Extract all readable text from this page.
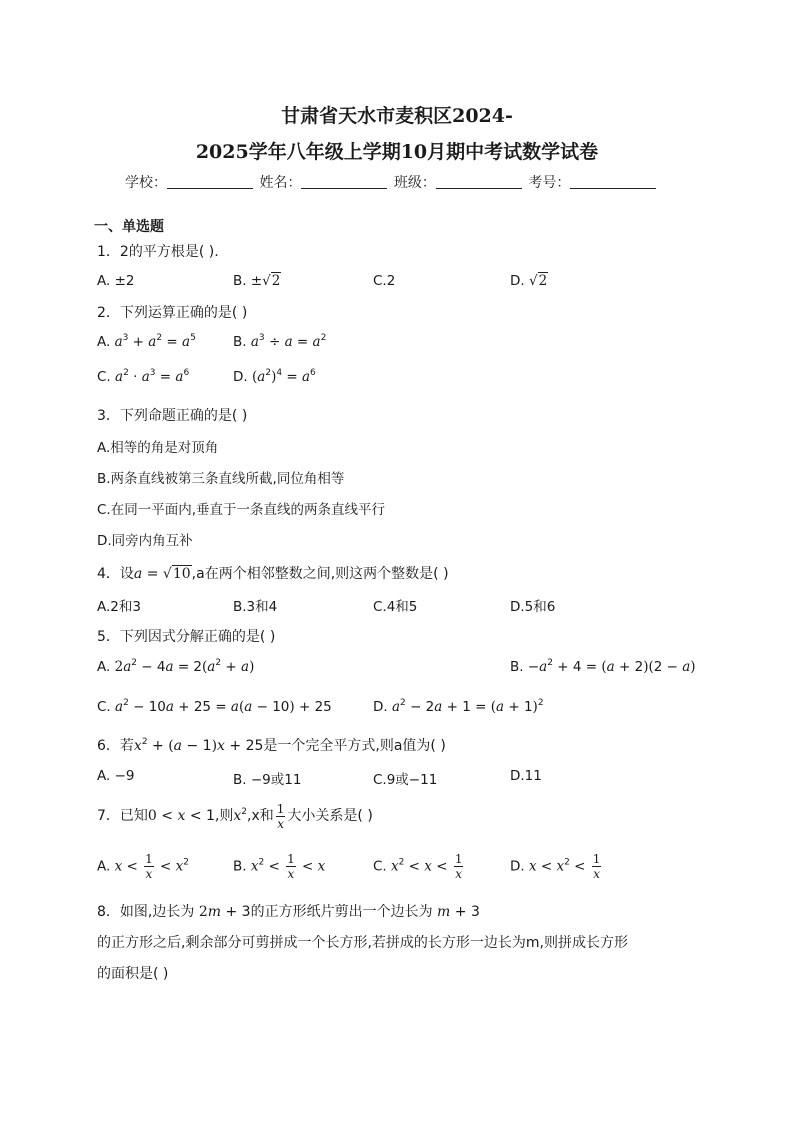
甘肃省天水市麦积区2024-
2025学年八年级上学期10月期中考试数学试卷
学校：	姓名：	班级：	考号：
一、单选题
1．2的平方根是( ).
A. ±2	B. ±√2	C.2	D. √2
2．下列运算正确的是( )
A. $a^3 + a^2 = a^5$	B. $a^3 \div a = a^2$
C. $a^2 \cdot a^3 = a^6$	D. $(a^2)^4 = a^6$
3．下列命题正确的是( )
A.相等的角是对顶角
B.两条直线被第三条直线所截,同位角相等
C.在同一平面内,垂直于一条直线的两条直线平行
D.同旁内角互补
4．设a = √10,a在两个相邻整数之间,则这两个整数是( )
A.2和3	B.3和4	C.4和5	D.5和6
5．下列因式分解正确的是( )
A. $2a^2 - 4a = 2(a^2 + a)$	B. $-a^2 + 4 = (a + 2)(2 - a)$
C. $a^2 - 10a + 25 = a(a - 10) + 25$	D. $a^2 - 2a + 1 = (a + 1)^2$
6．若$x^2 + (a - 1)x + 25$是一个完全平方式,则a值为( )
A. −9	B. −9或11	C.9或−11	D.11
7．已知0 < x < 1,则$x^2,x$和 $\frac{1}{x}$ 大小关系是( )
A. $x < \frac{1}{x} < x^2$	B. $x^2 < \frac{1}{x} < x$	C. $x^2 < x < \frac{1}{x}$	D. $x < x^2 < \frac{1}{x}$
8．如图,边长为 2m + 3的正方形纸片剪出一个边长为 m + 3
的正方形之后,剩余部分可剪拼成一个长方形,若拼成的长方形一边长为m,则拼成长方形
的面积是( )
